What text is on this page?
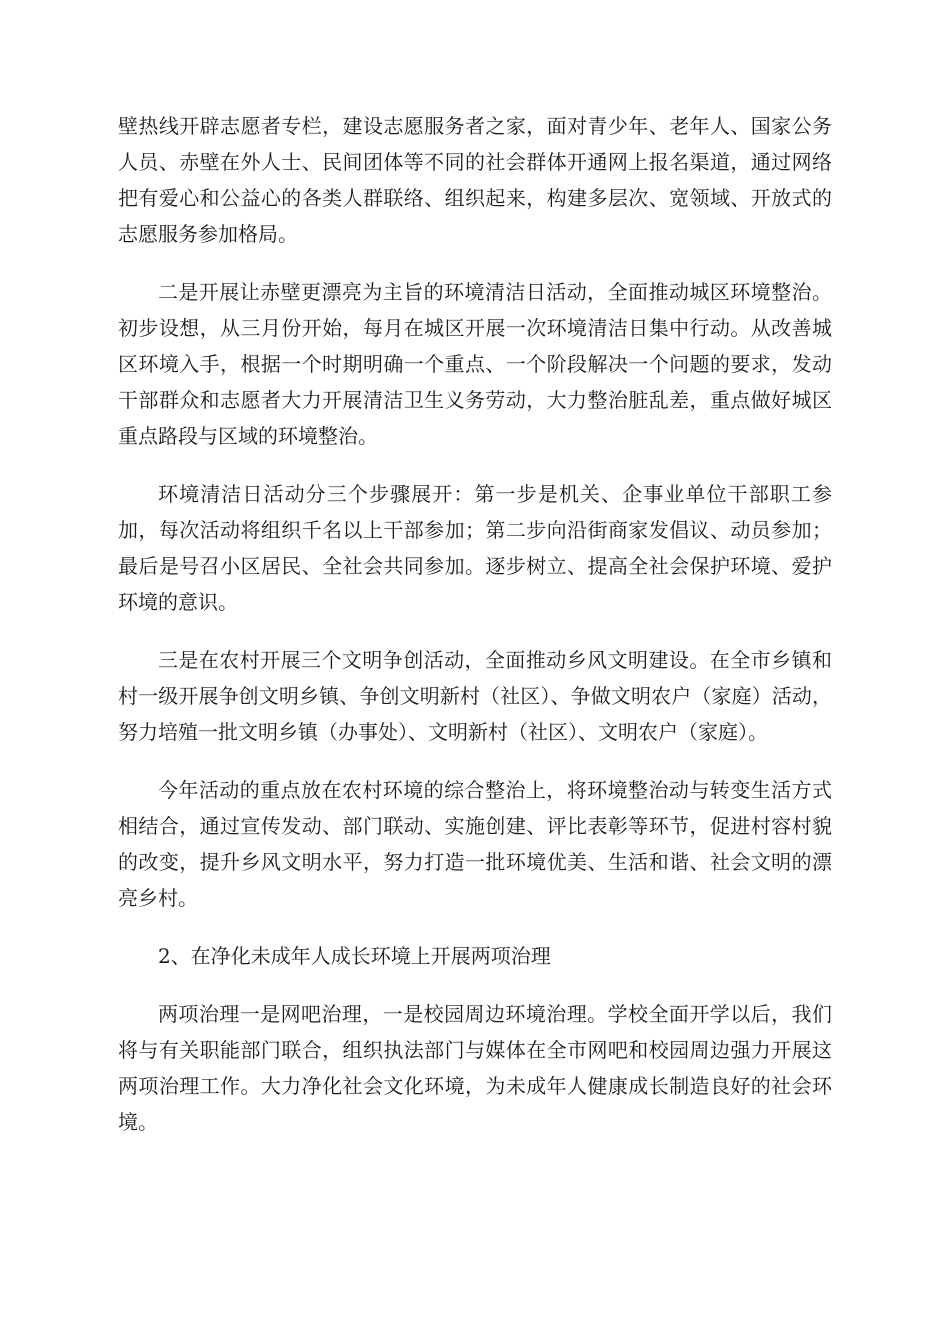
壁热线开辟志愿者专栏，建设志愿服务者之家，面对青少年、老年人、国家公务人员、赤壁在外人士、民间团体等不同的社会群体开通网上报名渠道，通过网络把有爱心和公益心的各类人群联络、组织起来，构建多层次、宽领域、开放式的志愿服务参加格局。

二是开展让赤壁更漂亮为主旨的环境清洁日活动，全面推动城区环境整治。初步设想，从三月份开始，每月在城区开展一次环境清洁日集中行动。从改善城区环境入手，根据一个时期明确一个重点、一个阶段解决一个问题的要求，发动干部群众和志愿者大力开展清洁卫生义务劳动，大力整治脏乱差，重点做好城区重点路段与区域的环境整治。

环境清洁日活动分三个步骤展开：第一步是机关、企事业单位干部职工参加，每次活动将组织千名以上干部参加；第二步向沿街商家发倡议、动员参加；最后是号召小区居民、全社会共同参加。逐步树立、提高全社会保护环境、爱护环境的意识。

三是在农村开展三个文明争创活动，全面推动乡风文明建设。在全市乡镇和村一级开展争创文明乡镇、争创文明新村（社区）、争做文明农户（家庭）活动，努力培殖一批文明乡镇（办事处）、文明新村（社区）、文明农户（家庭）。

今年活动的重点放在农村环境的综合整治上，将环境整治动与转变生活方式相结合，通过宣传发动、部门联动、实施创建、评比表彰等环节，促进村容村貌的改变，提升乡风文明水平，努力打造一批环境优美、生活和谐、社会文明的漂亮乡村。

2、在净化未成年人成长环境上开展两项治理

两项治理一是网吧治理，一是校园周边环境治理。学校全面开学以后，我们将与有关职能部门联合，组织执法部门与媒体在全市网吧和校园周边强力开展这两项治理工作。大力净化社会文化环境，为未成年人健康成长制造良好的社会环境。
